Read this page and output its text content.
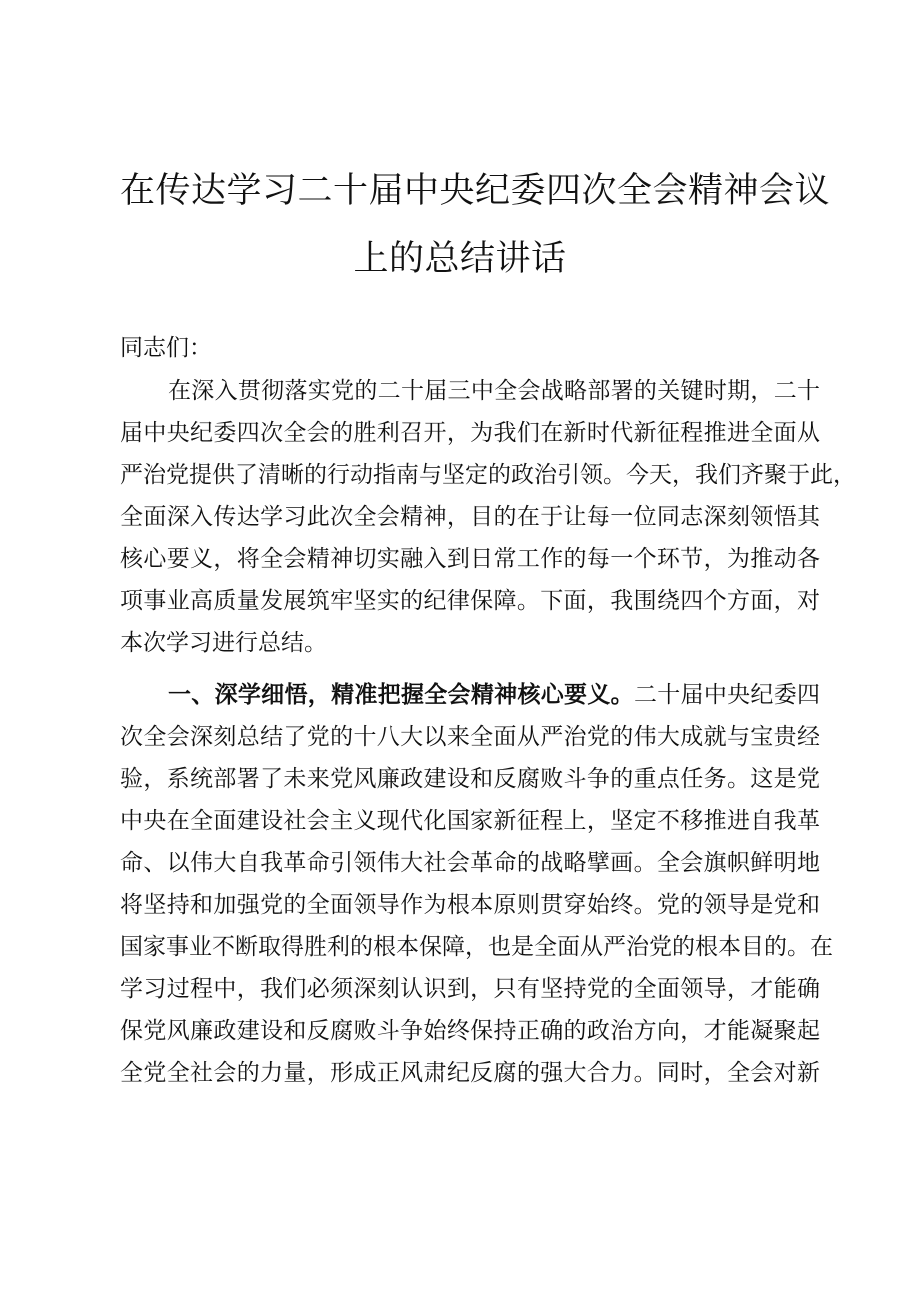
在传达学习二十届中央纪委四次全会精神会议
上的总结讲话

同志们：

在深入贯彻落实党的二十届三中全会战略部署的关键时期，二十

届中央纪委四次全会的胜利召开，为我们在新时代新征程推进全面从

严治党提供了清晰的行动指南与坚定的政治引领。今天，我们齐聚于此，

全面深入传达学习此次全会精神，目的在于让每一位同志深刻领悟其

核心要义，将全会精神切实融入到日常工作的每一个环节，为推动各

项事业高质量发展筑牢坚实的纪律保障。下面，我围绕四个方面，对

本次学习进行总结。

一、深学细悟，精准把握全会精神核心要义。二十届中央纪委四

次全会深刻总结了党的十八大以来全面从严治党的伟大成就与宝贵经

验，系统部署了未来党风廉政建设和反腐败斗争的重点任务。这是党

中央在全面建设社会主义现代化国家新征程上，坚定不移推进自我革

命、以伟大自我革命引领伟大社会革命的战略擘画。全会旗帜鲜明地

将坚持和加强党的全面领导作为根本原则贯穿始终。党的领导是党和

国家事业不断取得胜利的根本保障，也是全面从严治党的根本目的。在

学习过程中，我们必须深刻认识到，只有坚持党的全面领导，才能确

保党风廉政建设和反腐败斗争始终保持正确的政治方向，才能凝聚起

全党全社会的力量，形成正风肃纪反腐的强大合力。同时，全会对新
